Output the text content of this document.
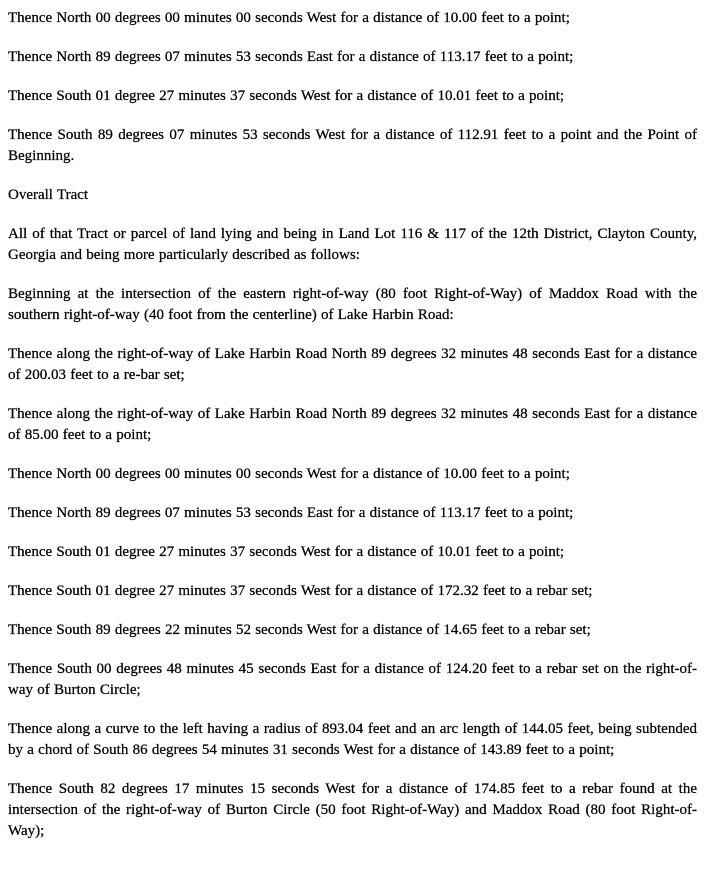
Thence North 00 degrees 00 minutes 00 seconds West for a distance of 10.00 feet to a point;

Thence North 89 degrees 07 minutes 53 seconds East for a distance of 113.17 feet to a point;

Thence South 01 degree 27 minutes 37 seconds West for a distance of 10.01 feet to a point;

Thence South 89 degrees 07 minutes 53 seconds West for a distance of 112.91 feet to a point and the Point of Beginning.

Overall Tract

All of that Tract or parcel of land lying and being in Land Lot 116 & 117 of the 12th District, Clayton County, Georgia and being more particularly described as follows:

Beginning at the intersection of the eastern right-of-way (80 foot Right-of-Way) of Maddox Road with the southern right-of-way (40 foot from the centerline) of Lake Harbin Road:

Thence along the right-of-way of Lake Harbin Road North 89 degrees 32 minutes 48 seconds East for a distance of 200.03 feet to a re-bar set;

Thence along the right-of-way of Lake Harbin Road North 89 degrees 32 minutes 48 seconds East for a distance of 85.00 feet to a point;

Thence North 00 degrees 00 minutes 00 seconds West for a distance of 10.00 feet to a point;

Thence North 89 degrees 07 minutes 53 seconds East for a distance of 113.17 feet to a point;

Thence South 01 degree 27 minutes 37 seconds West for a distance of 10.01 feet to a point;

Thence South 01 degree 27 minutes 37 seconds West for a distance of 172.32 feet to a rebar set;

Thence South 89 degrees 22 minutes 52 seconds West for a distance of 14.65 feet to a rebar set;

Thence South 00 degrees 48 minutes 45 seconds East for a distance of 124.20 feet to a rebar set on the right-of-way of Burton Circle;

Thence along a curve to the left having a radius of 893.04 feet and an arc length of 144.05 feet, being subtended by a chord of South 86 degrees 54 minutes 31 seconds West for a distance of 143.89 feet to a point;

Thence South 82 degrees 17 minutes 15 seconds West for a distance of 174.85 feet to a rebar found at the intersection of the right-of-way of Burton Circle (50 foot Right-of-Way) and Maddox Road (80 foot Right-of-Way);
